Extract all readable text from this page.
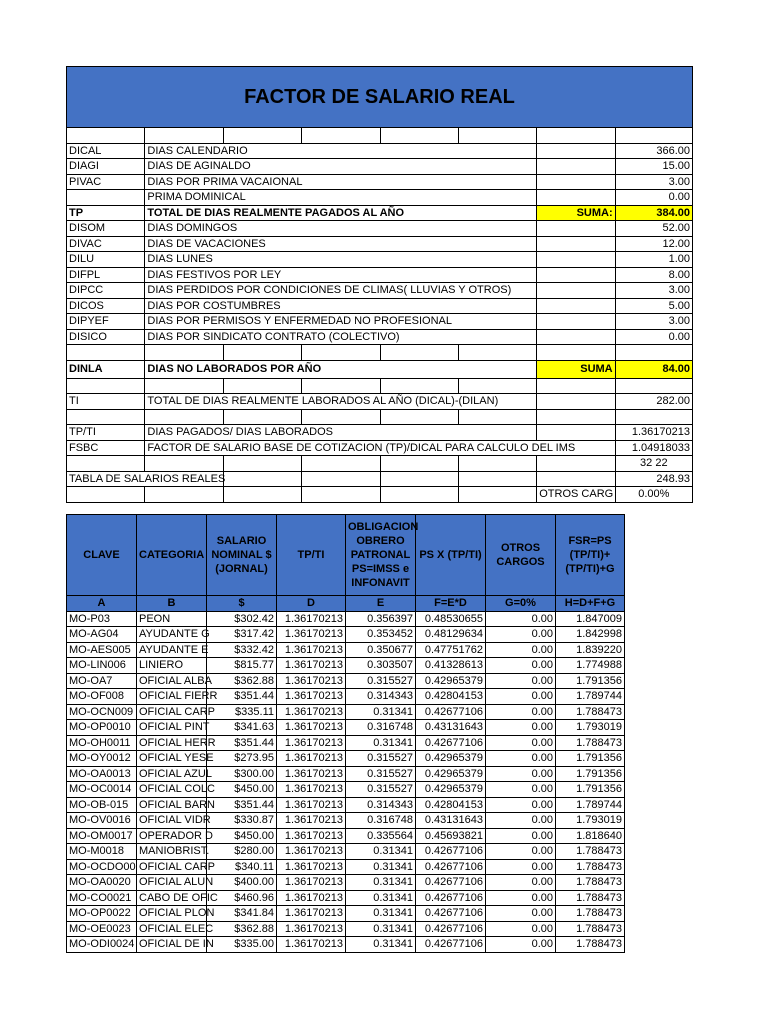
FACTOR DE SALARIO REAL							

DICAL	DIAS CALENDARIO						366.00
DIAGI	DIAS DE AGINALDO						15.00
PIVAC	DIAS POR PRIMA VACAIONAL						3.00
	PRIMA DOMINICAL						0.00
TP	TOTAL DE DIAS REALMENTE PAGADOS AL AÑO					SUMA:	384.00
DISOM	DIAS DOMINGOS						52.00
DIVAC	DIAS DE VACACIONES						12.00
DILU	DIAS LUNES						1.00
DIFPL	DIAS FESTIVOS POR LEY						8.00
DIPCC	DIAS PERDIDOS POR CONDICIONES DE CLIMAS( LLUVIAS Y OTROS)						3.00
DICOS	DIAS POR COSTUMBRES						5.00
DIPYEF	DIAS POR PERMISOS Y ENFERMEDAD NO PROFESIONAL						3.00
DISICO	DIAS POR SINDICATO CONTRATO (COLECTIVO)						0.00

DINLA	DIAS NO LABORADOS POR AÑO					SUMA	84.00

TI	TOTAL DE DIAS REALMENTE LABORADOS AL AÑO (DICAL)-(DILAN)						282.00

TP/TI	DIAS PAGADOS/ DIAS LABORADOS						1.36170213
FSBC	FACTOR DE SALARIO BASE DE COTIZACION (TP)/DICAL PARA CALCULO DEL IMS						1.04918033
							32 22
TABLA DE SALARIOS REALES							248.93
						OTROS CARG	0.00%
CLAVE	CATEGORIA	SALARIO NOMINAL $ (JORNAL)	TP/TI	OBLIGACION OBRERO PATRONAL PS=IMSS e INFONAVIT	PS X (TP/TI)	OTROS CARGOS	FSR=PS (TP/TI)+(TP/TI)+G
A	B	$	D	E	F=E*D	G=0%	H=D+F+G
MO-P03	PEON	$302.42	1.36170213	0.356397	0.48530655	0.00	1.847009
MO-AG04	AYUDANTE G	$317.42	1.36170213	0.353452	0.48129634	0.00	1.842998
MO-AES005	AYUDANTE E	$332.42	1.36170213	0.350677	0.47751762	0.00	1.839220
MO-LIN006	LINIERO	$815.77	1.36170213	0.303507	0.41328613	0.00	1.774988
MO-OA7	OFICIAL ALBA	$362.88	1.36170213	0.315527	0.42965379	0.00	1.791356
MO-OF008	OFICIAL FIERR	$351.44	1.36170213	0.314343	0.42804153	0.00	1.789744
MO-OCN009	OFICIAL CARP	$335.11	1.36170213	0.31341	0.42677106	0.00	1.788473
MO-OP0010	OFICIAL PINT	$341.63	1.36170213	0.316748	0.43131643	0.00	1.793019
MO-OH0011	OFICIAL HERR	$351.44	1.36170213	0.31341	0.42677106	0.00	1.788473
MO-OY0012	OFICIAL YESE	$273.95	1.36170213	0.315527	0.42965379	0.00	1.791356
MO-OA0013	OFICIAL AZUL	$300.00	1.36170213	0.315527	0.42965379	0.00	1.791356
MO-OC0014	OFICIAL COLC	$450.00	1.36170213	0.315527	0.42965379	0.00	1.791356
MO-OB-015	OFICIAL BARN	$351.44	1.36170213	0.314343	0.42804153	0.00	1.789744
MO-OV0016	OFICIAL VIDR	$330.87	1.36170213	0.316748	0.43131643	0.00	1.793019
MO-OM0017	OPERADOR D	$450.00	1.36170213	0.335564	0.45693821	0.00	1.818640
MO-M0018	MANIOBRIST.	$280.00	1.36170213	0.31341	0.42677106	0.00	1.788473
MO-OCDO00	OFICIAL CARP	$340.11	1.36170213	0.31341	0.42677106	0.00	1.788473
MO-OA0020	OFICIAL ALUN	$400.00	1.36170213	0.31341	0.42677106	0.00	1.788473
MO-CO0021	CABO DE OFIC	$460.96	1.36170213	0.31341	0.42677106	0.00	1.788473
MO-OP0022	OFICIAL PLON	$341.84	1.36170213	0.31341	0.42677106	0.00	1.788473
MO-OE0023	OFICIAL ELEC	$362.88	1.36170213	0.31341	0.42677106	0.00	1.788473
MO-ODI0024	OFICIAL DE IN	$335.00	1.36170213	0.31341	0.42677106	0.00	1.788473
